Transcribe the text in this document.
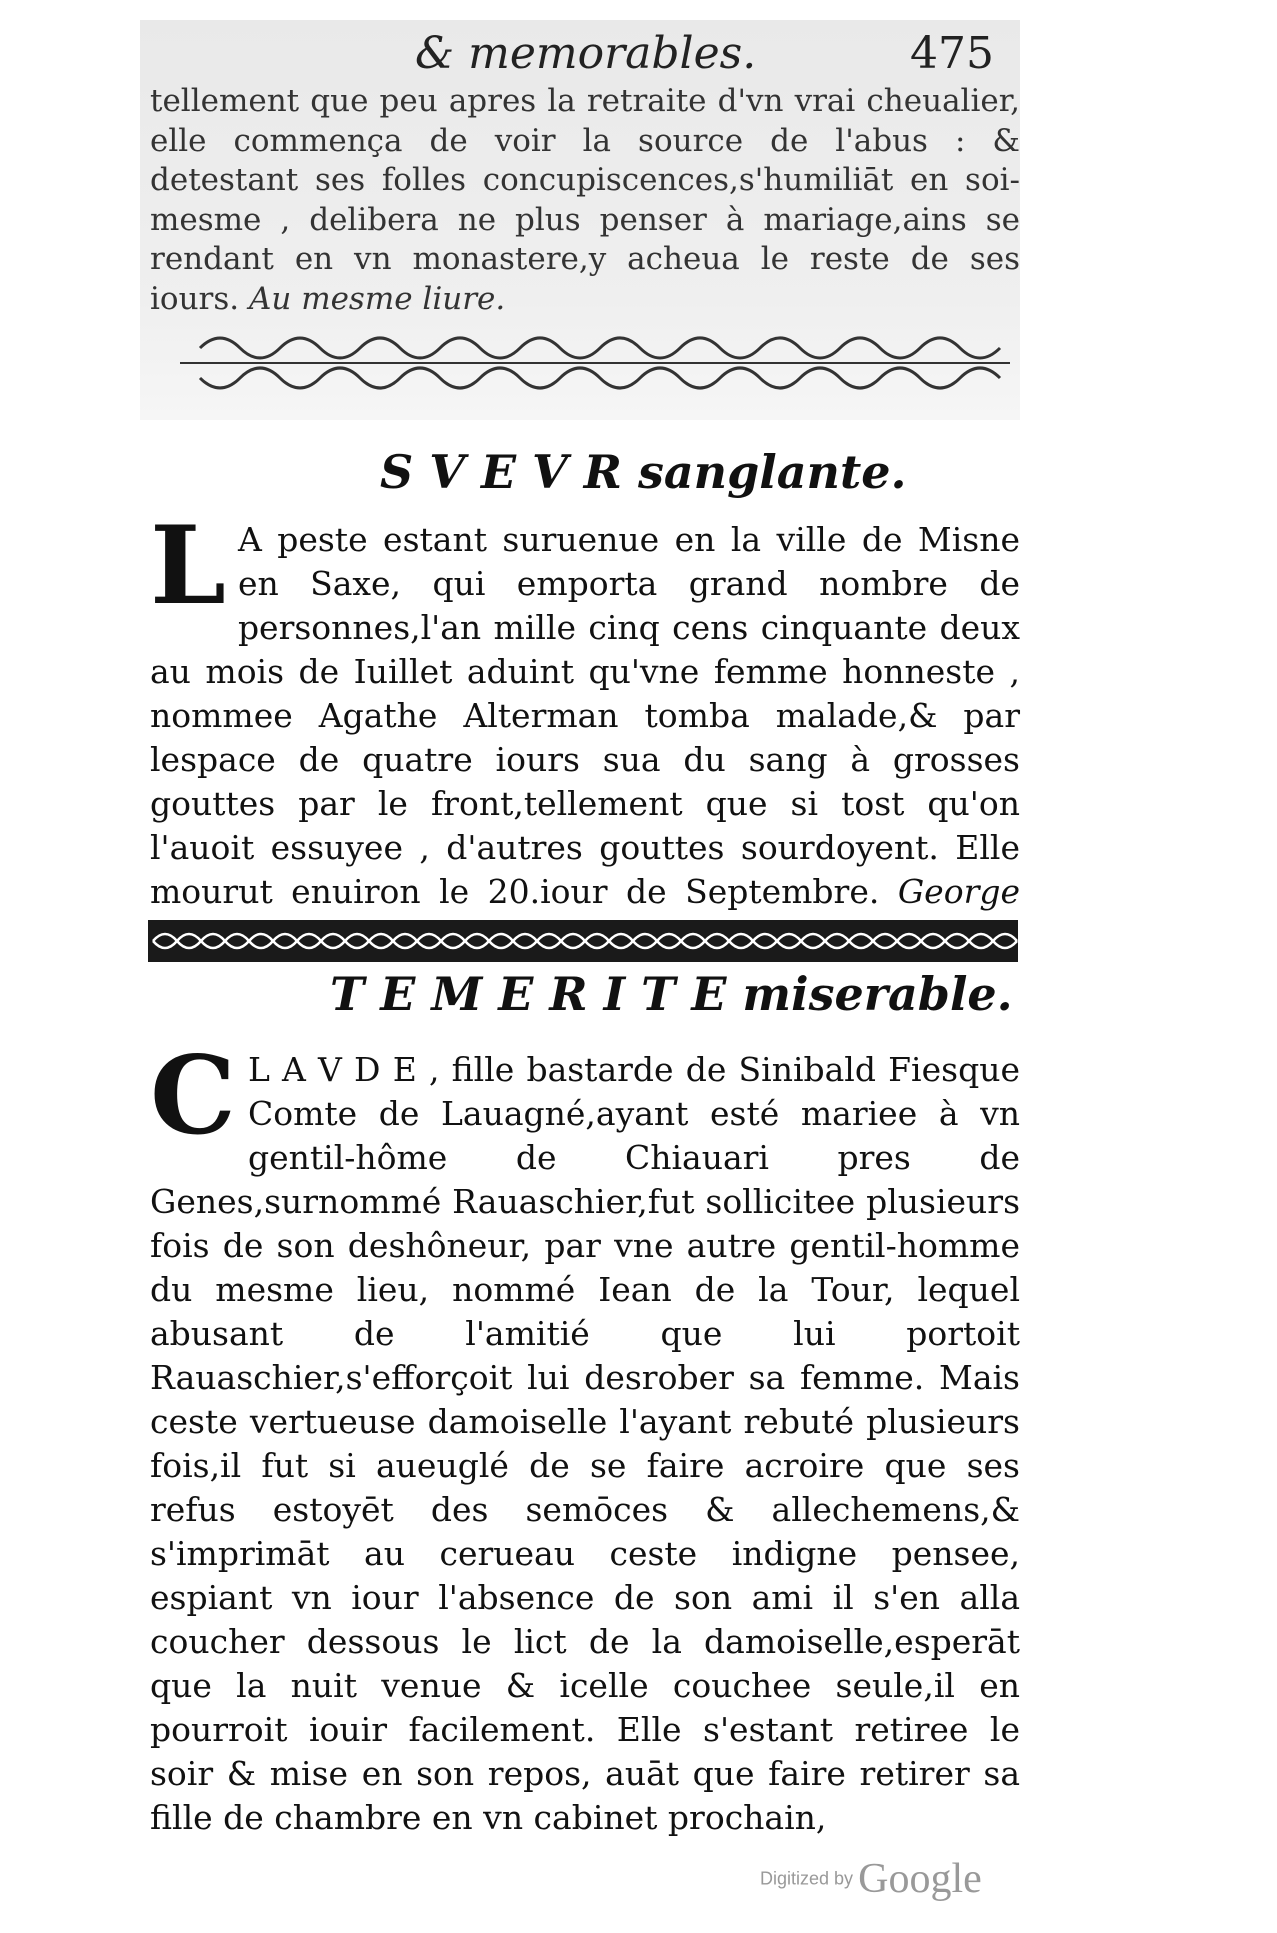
& memorables.	475

tellement que peu apres la retraite d'vn vrai cheualier, elle commença de voir la source de l'abus : & detestant ses folles concupiscences,s'humiliāt en soi-mesme , delibera ne plus penser à mariage,ains se rendant en vn monastere,y acheua le reste de ses iours. Au mesme liure.

S V E V R sanglante.

L A peste estant suruenue en la ville de Misne en Saxe, qui emporta grand nombre de personnes,l'an mille cinq cens cinquante deux au mois de Iuillet aduint qu'vne femme honneste , nommee Agathe Alterman tomba malade,& par lespace de quatre iours sua du sang à grosses gouttes par le front,tellement que si tost qu'on l'auoit essuyee , d'autres gouttes sourdoyent. Elle mourut enuiron le 20.iour de Septembre. George

T E M E R I T E miserable.

C L A V D E , fille bastarde de Sinibald Fiesque Comte de Lauagné,ayant esté mariee à vn gentil-hôme de Chiauari pres de Genes,surnommé Rauaschier,fut sollicitee plusieurs fois de son deshôneur, par vne autre gentil-homme du mesme lieu, nommé Iean de la Tour, lequel abusant de l'amitié que lui portoit Rauaschier,s'efforçoit lui desrober sa femme. Mais ceste vertueuse damoiselle l'ayant rebuté plusieurs fois,il fut si aueuglé de se faire acroire que ses refus estoyēt des semōces & allechemens,& s'imprimāt au cerueau ceste indigne pensee, espiant vn iour l'absence de son ami il s'en alla coucher dessous le lict de la damoiselle,esperāt que la nuit venue & icelle couchee seule,il en pourroit iouir facilement. Elle s'estant retiree le soir & mise en son repos, auāt que faire retirer sa fille de chambre en vn cabinet prochain,

Digitized by Google
